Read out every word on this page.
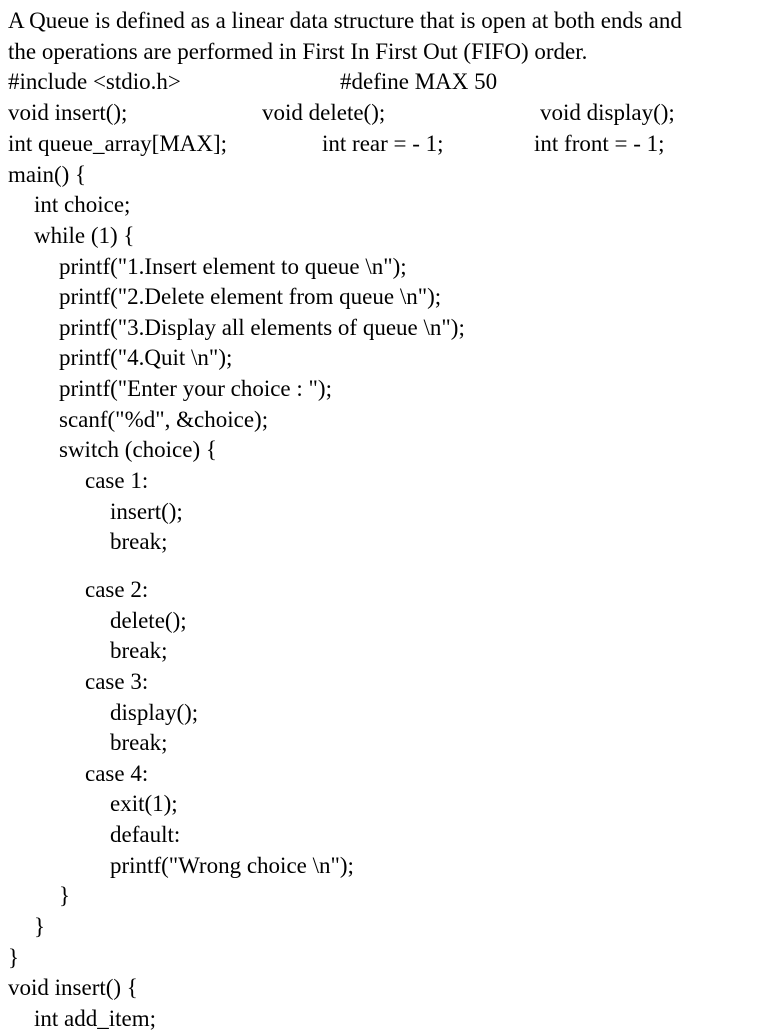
A Queue is defined as a linear data structure that is open at both ends and
the operations are performed in First In First Out (FIFO) order.

#include <stdio.h>

	#define MAX 50

void insert();

	void delete();

	void display();

int queue_array[MAX];

	int rear = - 1;

	int front = - 1;

main() {
int choice;
while (1) {
printf("1.Insert element to queue \n");
printf("2.Delete element from queue \n");
printf("3.Display all elements of queue \n");
printf("4.Quit \n");
printf("Enter your choice : ");
scanf("%d", &choice);
switch (choice) {
case 1:
insert();
break;
case 2:
delete();
break;
case 3:
display();
break;
case 4:
exit(1);
default:
printf("Wrong choice \n");
}
}
}
void insert() {
int add_item;
